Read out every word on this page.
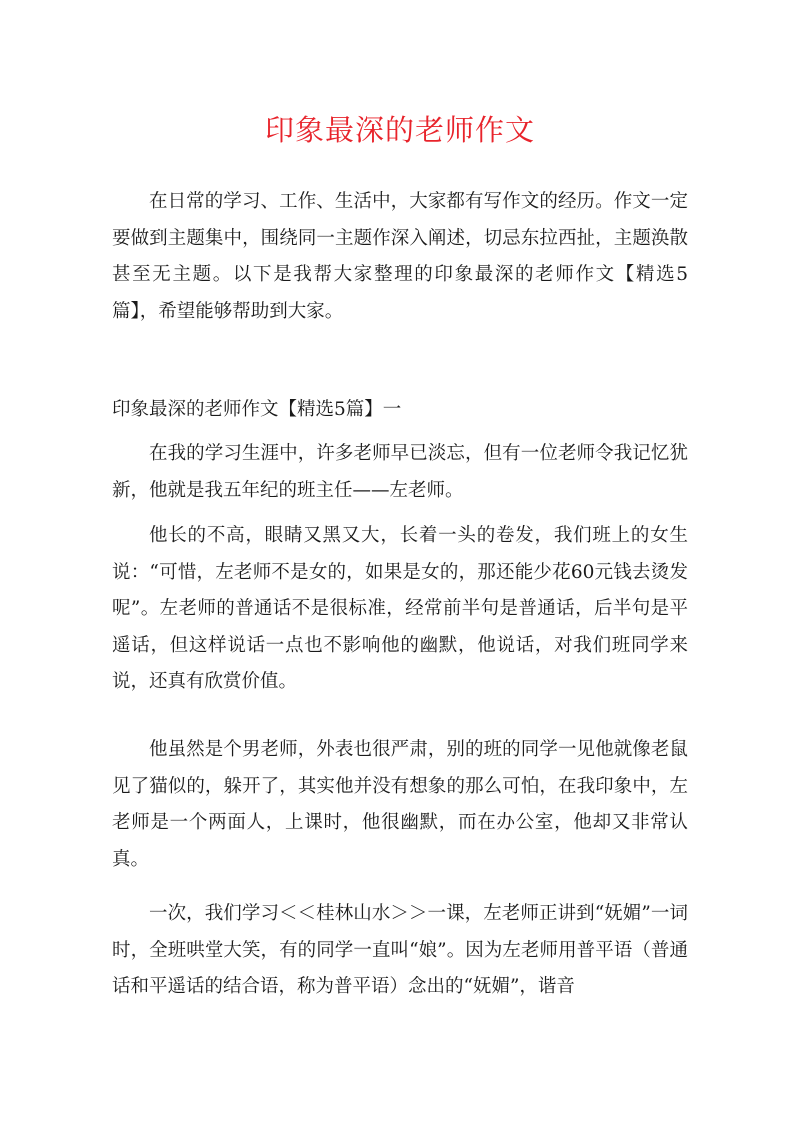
印象最深的老师作文

在日常的学习、工作、生活中，大家都有写作文的经历。作文一定要做到主题集中，围绕同一主题作深入阐述，切忌东拉西扯，主题涣散甚至无主题。以下是我帮大家整理的印象最深的老师作文【精选5篇】，希望能够帮助到大家。

印象最深的老师作文【精选5篇】一

在我的学习生涯中，许多老师早已淡忘，但有一位老师令我记忆犹新，他就是我五年纪的班主任——左老师。

他长的不高，眼睛又黑又大，长着一头的卷发，我们班上的女生说：“可惜，左老师不是女的，如果是女的，那还能少花60元钱去烫发呢”。左老师的普通话不是很标准，经常前半句是普通话，后半句是平遥话，但这样说话一点也不影响他的幽默，他说话，对我们班同学来说，还真有欣赏价值。

他虽然是个男老师，外表也很严肃，别的班的同学一见他就像老鼠见了猫似的，躲开了，其实他并没有想象的那么可怕，在我印象中，左老师是一个两面人，上课时，他很幽默，而在办公室，他却又非常认真。

一次，我们学习＜＜桂林山水＞＞一课，左老师正讲到“妩媚”一词时，全班哄堂大笑，有的同学一直叫“娘”。因为左老师用普平语（普通话和平遥话的结合语，称为普平语）念出的“妩媚”，谐音
